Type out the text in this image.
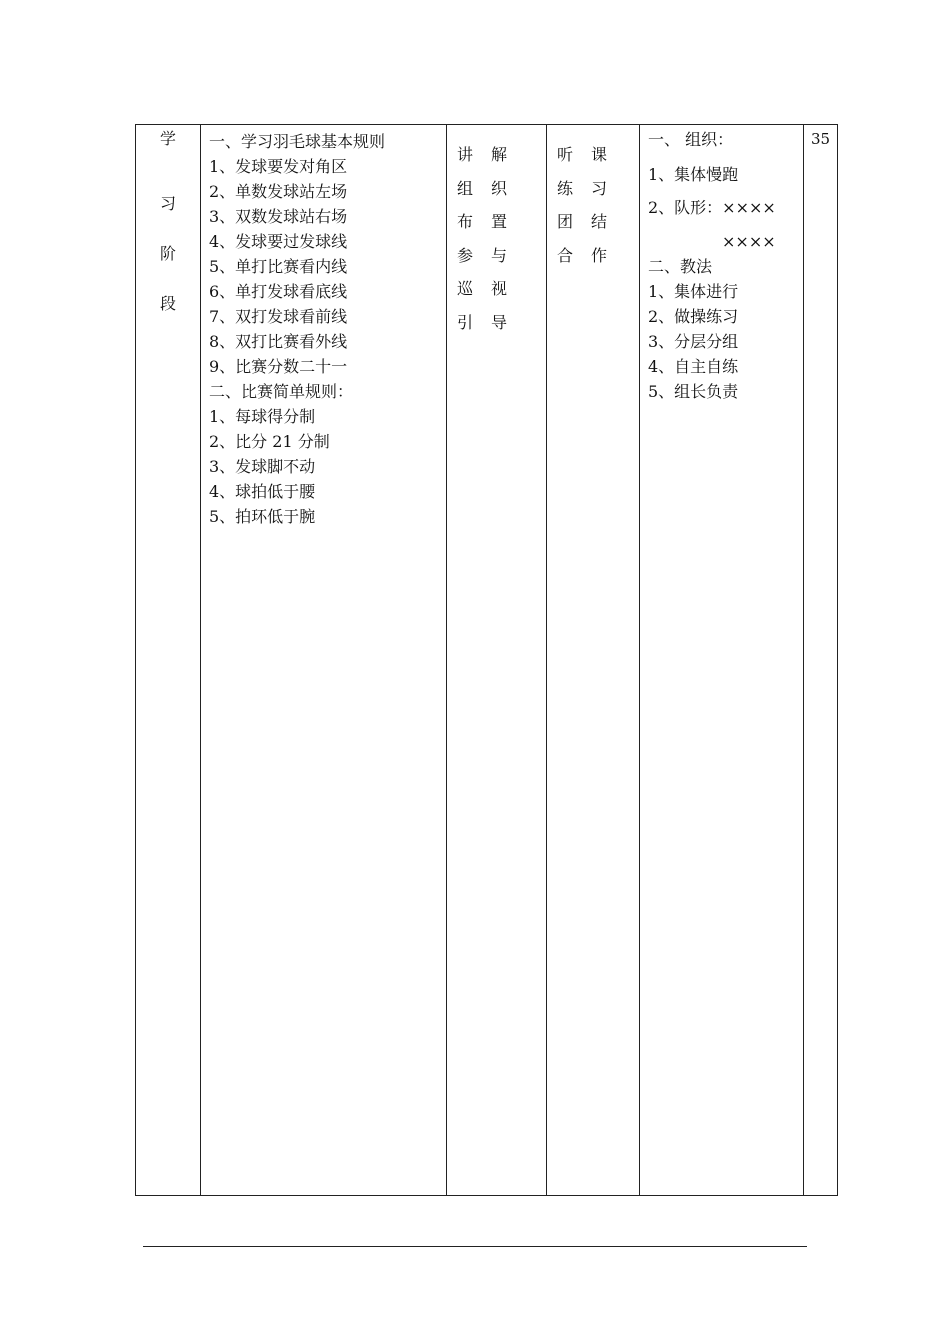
学
习
阶
段

一、学习羽毛球基本规则
1、发球要发对角区
2、单数发球站左场
3、双数发球站右场
4、发球要过发球线
5、单打比赛看内线
6、单打发球看底线
7、双打发球看前线
8、双打比赛看外线
9、比赛分数二十一
二、比赛简单规则：
1、每球得分制
2、比分 21 分制
3、发球脚不动
4、球拍低于腰
5、拍环低于腕

讲	解
组	织
布	置
参	与
巡	视
引	导

听	课
练	习
团	结
合	作

一、 组织：
1、集体慢跑
2、队形：××××
××××
二、教法
1、集体进行
2、做操练习
3、分层分组
4、自主自练
5、组长负责

35
